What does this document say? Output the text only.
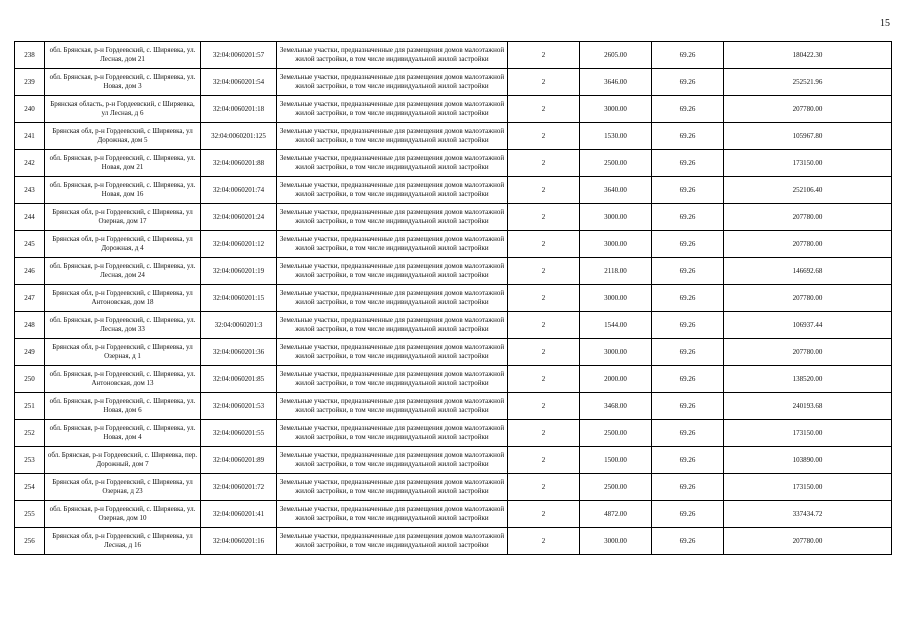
15
238	обл. Брянская, р-н Гордеевский, с. Ширяевка, ул. Лесная, дом 21	32:04:0060201:57	Земельные участки, предназначенные для размещения домов малоэтажной жилой застройки, в том числе индивидуальной жилой застройки	2	2605.00	69.26	180422.30
239	обл. Брянская, р-н Гордеевский, с. Ширяевка, ул. Новая, дом 3	32:04:0060201:54	Земельные участки, предназначенные для размещения домов малоэтажной жилой застройки, в том числе индивидуальной жилой застройки	2	3646.00	69.26	252521.96
240	Брянская область, р-н Гордеевский, с Ширяевка, ул Лесная, д 6	32:04:0060201:18	Земельные участки, предназначенные для размещения домов малоэтажной жилой застройки, в том числе индивидуальной жилой застройки	2	3000.00	69.26	207780.00
241	Брянская обл, р-н Гордеевский, с Ширяевка, ул Дорожная, дом 5	32:04:0060201:125	Земельные участки, предназначенные для размещения домов малоэтажной жилой застройки, в том числе индивидуальной жилой застройки	2	1530.00	69.26	105967.80
242	обл. Брянская, р-н Гордеевский, с. Ширяевка, ул. Новая, дом 21	32:04:0060201:88	Земельные участки, предназначенные для размещения домов малоэтажной жилой застройки, в том числе индивидуальной жилой застройки	2	2500.00	69.26	173150.00
243	обл. Брянская, р-н Гордеевский, с. Ширяевка, ул. Новая, дом 16	32:04:0060201:74	Земельные участки, предназначенные для размещения домов малоэтажной жилой застройки, в том числе индивидуальной жилой застройки	2	3640.00	69.26	252106.40
244	Брянская обл, р-н Гордеевский, с Ширяевка, ул Озерная, дом 17	32:04:0060201:24	Земельные участки, предназначенные для размещения домов малоэтажной жилой застройки, в том числе индивидуальной жилой застройки	2	3000.00	69.26	207780.00
245	Брянская обл, р-н Гордеевский, с Ширяевка, ул Дорожная, д 4	32:04:0060201:12	Земельные участки, предназначенные для размещения домов малоэтажной жилой застройки, в том числе индивидуальной жилой застройки	2	3000.00	69.26	207780.00
246	обл. Брянская, р-н Гордеевский, с. Ширяевка, ул. Лесная, дом 24	32:04:0060201:19	Земельные участки, предназначенные для размещения домов малоэтажной жилой застройки, в том числе индивидуальной жилой застройки	2	2118.00	69.26	146692.68
247	Брянская обл, р-н Гордеевский, с Ширяевка, ул Антоновская, дом 18	32:04:0060201:15	Земельные участки, предназначенные для размещения домов малоэтажной жилой застройки, в том числе индивидуальной жилой застройки	2	3000.00	69.26	207780.00
248	обл. Брянская, р-н Гордеевский, с. Ширяевка, ул. Лесная, дом 33	32:04:0060201:3	Земельные участки, предназначенные для размещения домов малоэтажной жилой застройки, в том числе индивидуальной жилой застройки	2	1544.00	69.26	106937.44
249	Брянская обл, р-н Гордеевский, с Ширяевка, ул Озерная, д 1	32:04:0060201:36	Земельные участки, предназначенные для размещения домов малоэтажной жилой застройки, в том числе индивидуальной жилой застройки	2	3000.00	69.26	207780.00
250	обл. Брянская, р-н Гордеевский, с. Ширяевка, ул. Антоновская, дом 13	32:04:0060201:85	Земельные участки, предназначенные для размещения домов малоэтажной жилой застройки, в том числе индивидуальной жилой застройки	2	2000.00	69.26	138520.00
251	обл. Брянская, р-н Гордеевский, с. Ширяевка, ул. Новая, дом 6	32:04:0060201:53	Земельные участки, предназначенные для размещения домов малоэтажной жилой застройки, в том числе индивидуальной жилой застройки	2	3468.00	69.26	240193.68
252	обл. Брянская, р-н Гордеевский, с. Ширяевка, ул. Новая, дом 4	32:04:0060201:55	Земельные участки, предназначенные для размещения домов малоэтажной жилой застройки, в том числе индивидуальной жилой застройки	2	2500.00	69.26	173150.00
253	обл. Брянская, р-н Гордеевский, с. Ширяевка, пер. Дорожный, дом 7	32:04:0060201:89	Земельные участки, предназначенные для размещения домов малоэтажной жилой застройки, в том числе индивидуальной жилой застройки	2	1500.00	69.26	103890.00
254	Брянская обл, р-н Гордеевский, с Ширяевка, ул Озерная, д 23	32:04:0060201:72	Земельные участки, предназначенные для размещения домов малоэтажной жилой застройки, в том числе индивидуальной жилой застройки	2	2500.00	69.26	173150.00
255	обл. Брянская, р-н Гордеевский, с. Ширяевка, ул. Озерная, дом 10	32:04:0060201:41	Земельные участки, предназначенные для размещения домов малоэтажной жилой застройки, в том числе индивидуальной жилой застройки	2	4872.00	69.26	337434.72
256	Брянская обл, р-н Гордеевский, с Ширяевка, ул Лесная, д 16	32:04:0060201:16	Земельные участки, предназначенные для размещения домов малоэтажной жилой застройки, в том числе индивидуальной жилой застройки	2	3000.00	69.26	207780.00
